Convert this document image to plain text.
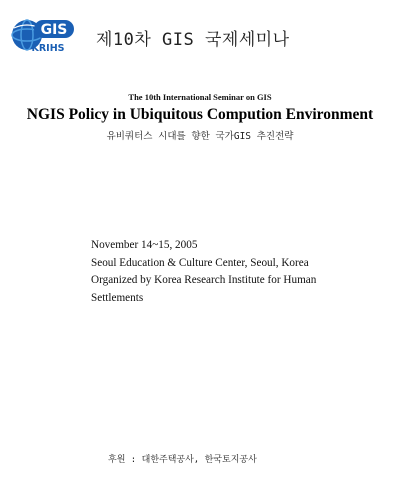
GIS
KRIHS 제10차 GIS 국제세미나

The 10th International Seminar on GIS

NGIS Policy in Ubiquitous Compution Environment

유비쿼터스 시대를 향한 국가GIS 추진전략

November 14~15, 2005
Seoul Education & Culture Center, Seoul, Korea
Organized by Korea Research Institute for Human
Settlements
후원 : 대한주택공사, 한국토지공사
